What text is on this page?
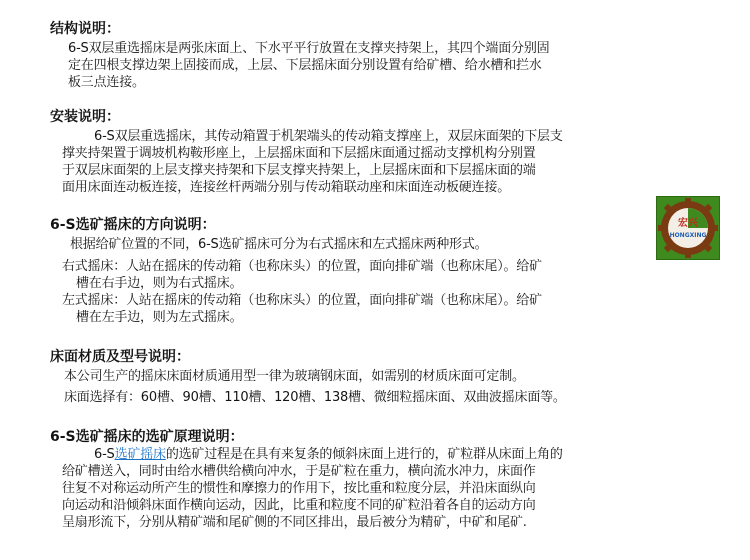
结构说明：
6-S双层重选摇床是两张床面上、下水平平行放置在支撑夹持架上，其四个端面分别固
定在四根支撑边架上固接而成，上层、下层摇床面分别设置有给矿槽、给水槽和拦水
板三点连接。
安装说明：
6-S双层重选摇床，其传动箱置于机架端头的传动箱支撑座上，双层床面架的下层支
撑夹持架置于调坡机构鞍形座上，上层摇床面和下层摇床面通过摇动支撑机构分别置
于双层床面架的上层支撑夹持架和下层支撑夹持架上，上层摇床面和下层摇床面的端
面用床面连动板连接，连接丝杆两端分别与传动箱联动座和床面连动板硬连接。
6-S选矿摇床的方向说明：
根据给矿位置的不同，6-S选矿摇床可分为右式摇床和左式摇床两种形式。
右式摇床：人站在摇床的传动箱（也称床头）的位置，面向排矿端（也称床尾）。给矿
槽在右手边，则为右式摇床。
左式摇床：人站在摇床的传动箱（也称床头）的位置，面向排矿端（也称床尾）。给矿
槽在左手边，则为左式摇床。
床面材质及型号说明：
本公司生产的摇床床面材质通用型一律为玻璃钢床面，如需别的材质床面可定制。
床面选择有：60槽、90槽、110槽、120槽、138槽、微细粒摇床面、双曲波摇床面等。
6-S选矿摇床的选矿原理说明：
6-S选矿摇床的选矿过程是在具有来复条的倾斜床面上进行的，矿粒群从床面上角的
给矿槽送入，同时由给水槽供给横向冲水，于是矿粒在重力，横向流水冲力，床面作
往复不对称运动所产生的惯性和摩擦力的作用下，按比重和粒度分层，并沿床面纵向
向运动和沿倾斜床面作横向运动，因此，比重和粒度不同的矿粒沿着各自的运动方向
呈扇形流下，分别从精矿端和尾矿侧的不同区排出，最后被分为精矿，中矿和尾矿.
宏兴
HONGXING
